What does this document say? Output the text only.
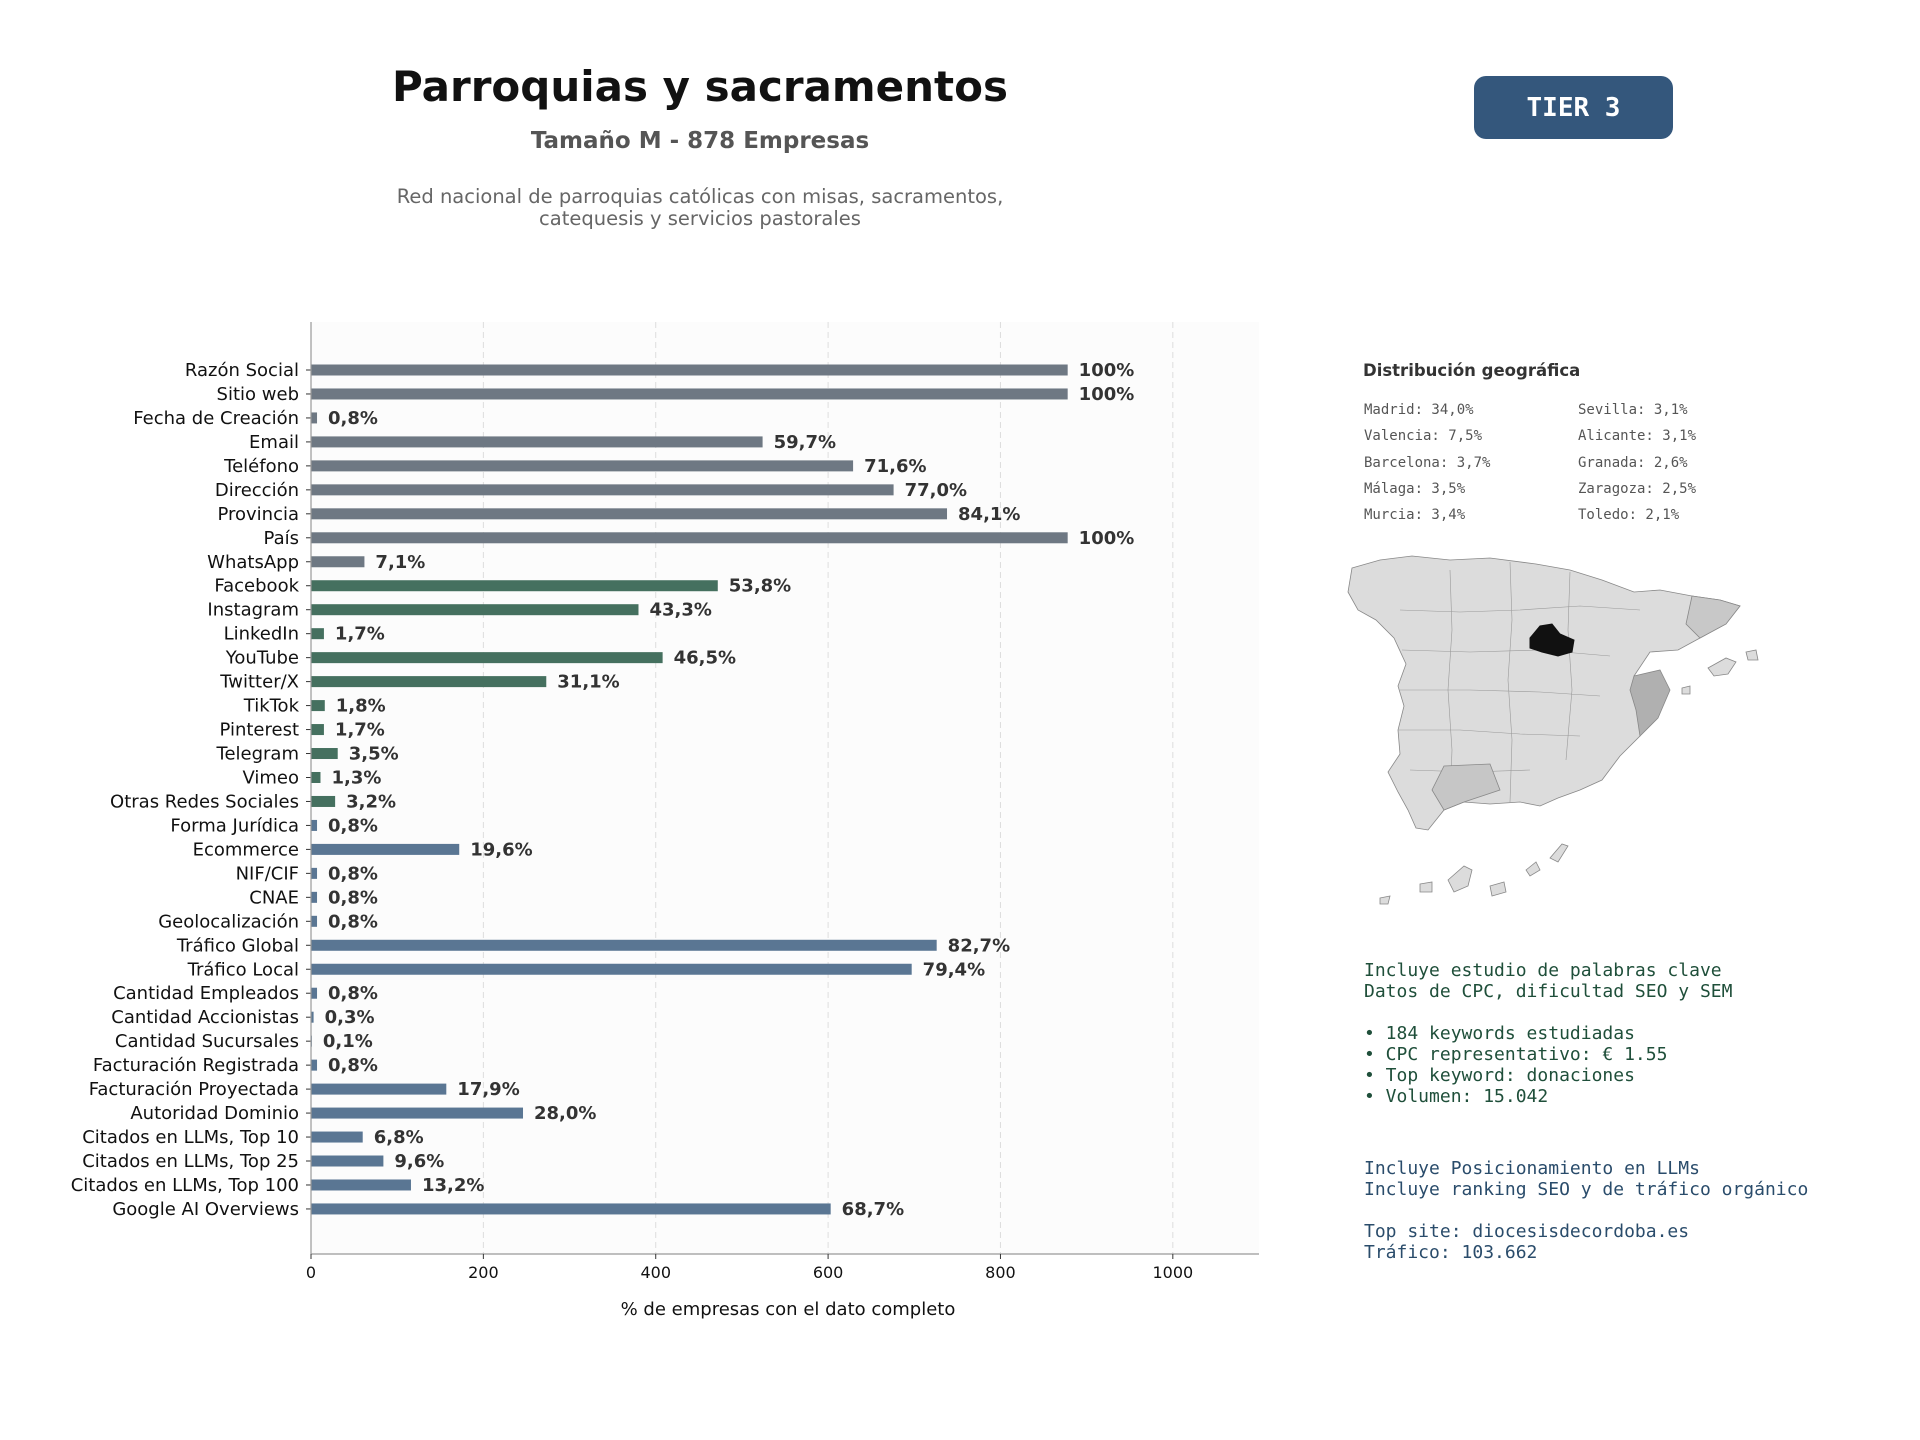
Parroquias y sacramentos
Tamaño M - 878 Empresas
Red nacional de parroquias católicas con misas, sacramentos,
catequesis y servicios pastorales
TIER 3
Razón Social	100%
Sitio web	100%
Fecha de Creación 0,8%
Email	59,7%
Teléfono	71,6%
Dirección	77,0%
Provincia	84,1%
País	100%
WhatsApp	7,1%
Facebook	53,8%
Instagram	43,3%
LinkedIn 1,7%
YouTube	46,5%
Twitter/X	31,1%
TikTok 1,8%
Pinterest 1,7%
Telegram	3,5%
Vimeo 1,3%
Otras Redes Sociales	3,2%
Forma Jurídica 0,8%
Ecommerce	19,6%
NIF/CIF 0,8%
CNAE 0,8%
Geolocalización 0,8%
Tráfico Global	82,7%
Tráfico Local	79,4%
Cantidad Empleados 0,8%
Cantidad Accionistas 0,3%
Cantidad Sucursales 0,1%
Facturación Registrada 0,8%
Facturación Proyectada	17,9%
Autoridad Dominio	28,0%
Citados en LLMs, Top 10	6,8%
Citados en LLMs, Top 25	9,6%
Citados en LLMs, Top 100	13,2%
Google AI Overviews	68,7%
0	200	400	600	800	1000
% de empresas con el dato completo
Distribución geográfica
Madrid: 34,0%
Valencia: 7,5%
Barcelona: 3,7%
Málaga: 3,5%
Murcia: 3,4%
Sevilla: 3,1%
Alicante: 3,1%
Granada: 2,6%
Zaragoza: 2,5%
Toledo: 2,1%
Incluye estudio de palabras clave
Datos de CPC, dificultad SEO y SEM
• 184 keywords estudiadas
• CPC representativo: € 1.55
• Top keyword: donaciones
• Volumen: 15.042
Incluye Posicionamiento en LLMs
Incluye ranking SEO y de tráfico orgánico
Top site: diocesisdecordoba.es
Tráfico: 103.662
